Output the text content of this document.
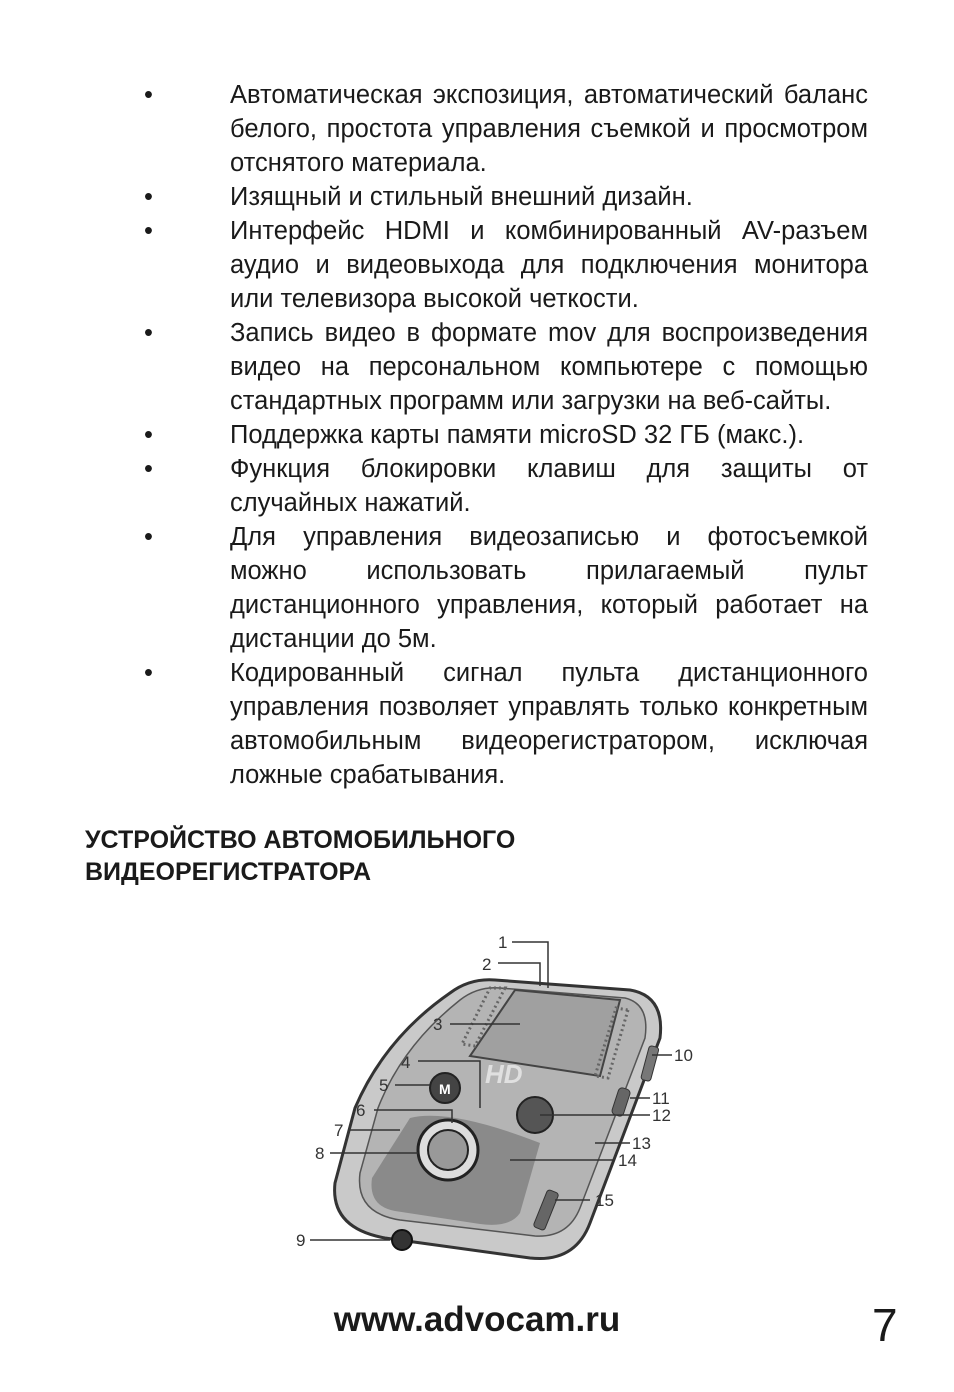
•	Автоматическая экспозиция, автоматический баланс белого, простота управления съемкой и просмотром отснятого материала.
•	Изящный и стильный внешний дизайн.
•	Интерфейс HDMI и комбинированный AV-разъем аудио и видеовыхода для подключения монитора или телевизора высокой четкости.
•	Запись видео в формате mov для воспроизведения видео на персональном компьютере с помощью стандартных программ или загрузки на веб-сайты.
•	Поддержка карты памяти microSD 32 ГБ (макс.).
•	Функция блокировки клавиш для защиты от случайных нажатий.
•	Для управления видеозаписью и фотосъемкой можно использовать прилагаемый пульт дистанционного управления, который работает на дистанции до 5м.
•	Кодированный сигнал пульта дистанционного управления позволяет управлять только конкретным автомобильным видеорегистратором, исключая ложные срабатывания.
УСТРОЙСТВО АВТОМОБИЛЬНОГО
ВИДЕОРЕГИСТРАТОРА
HD
M
1
2
3
4
5
6
7
8
9
10
11
12
13
14
15
www.advocam.ru	7
